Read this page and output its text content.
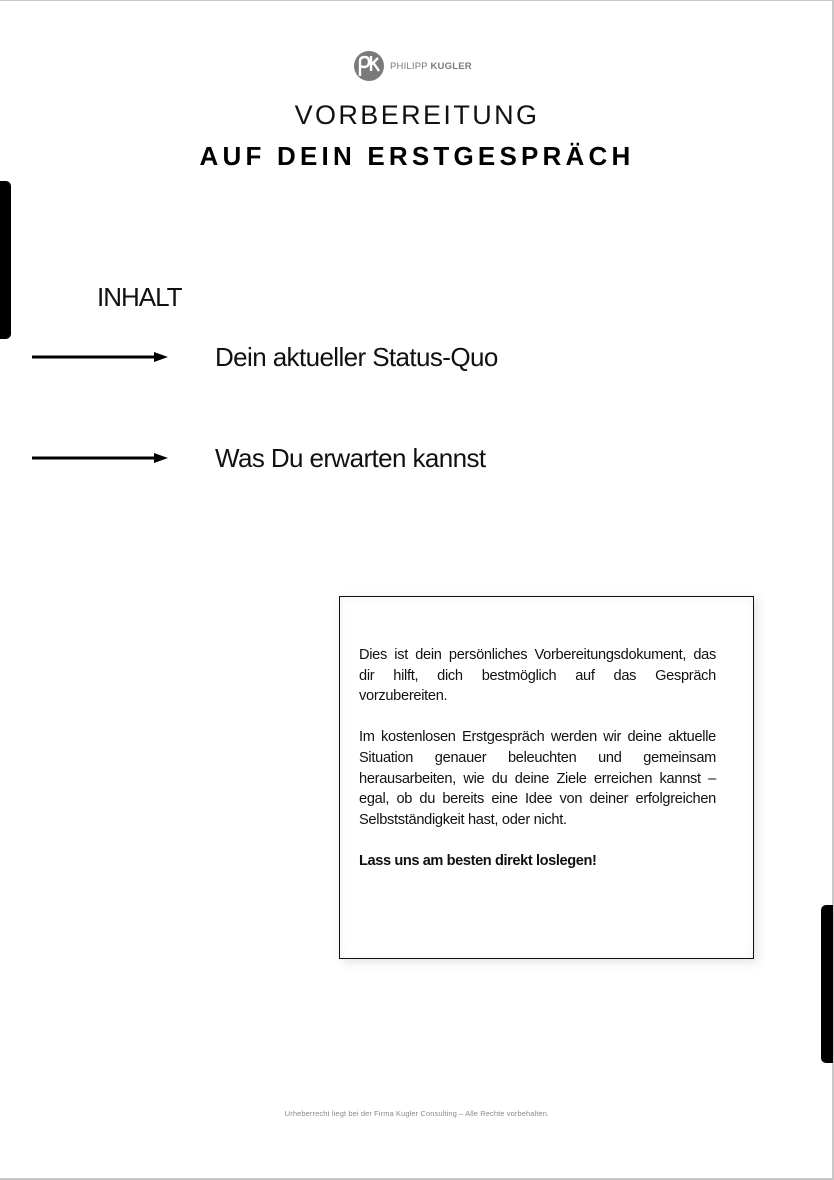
PHILIPP KUGLER
VORBEREITUNG
AUF DEIN ERSTGESPRÄCH
INHALT
Dein aktueller Status-Quo
Was Du erwarten kannst

Dies ist dein persönliches Vorbereitungsdokument, das dir hilft, dich bestmöglich auf das Gespräch vorzubereiten.

Im kostenlosen Erstgespräch werden wir deine aktuelle Situation genauer beleuchten und gemeinsam herausarbeiten, wie du deine Ziele erreichen kannst – egal, ob du bereits eine Idee von deiner erfolgreichen Selbstständigkeit hast, oder nicht.

Lass uns am besten direkt loslegen!

Urheberrecht liegt bei der Firma Kugler Consulting – Alle Rechte vorbehalten.
